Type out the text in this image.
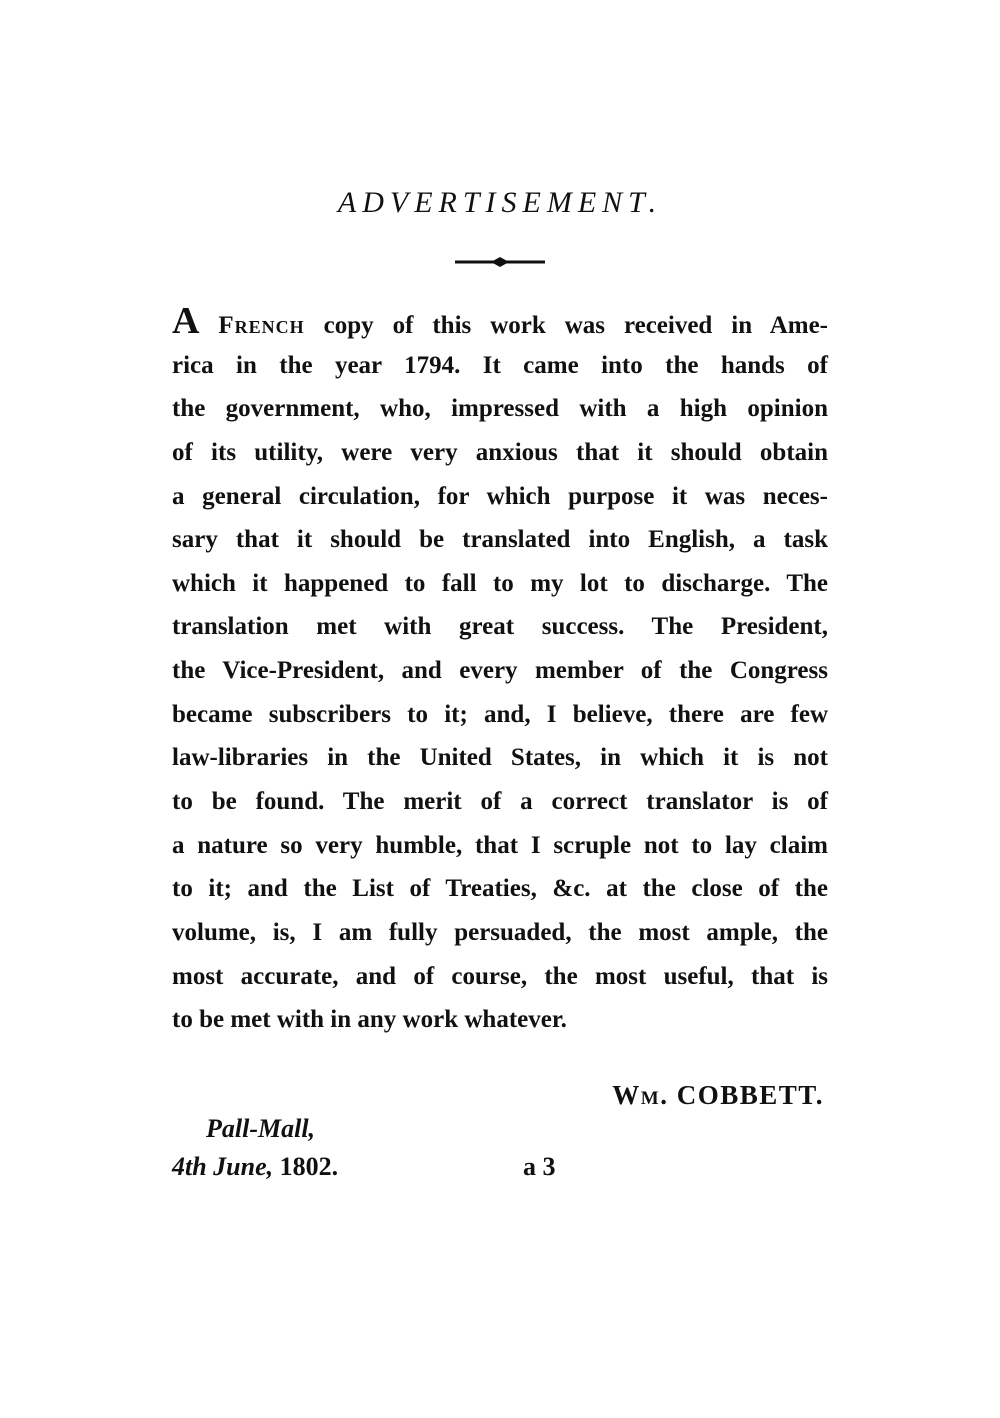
ADVERTISEMENT.
A French copy of this work was received in Ame-
rica in the year 1794. It came into the hands of
the government, who, impressed with a high opinion
of its utility, were very anxious that it should obtain
a general circulation, for which purpose it was neces-
sary that it should be translated into English, a task
which it happened to fall to my lot to discharge. The
translation met with great success. The President,
the Vice-President, and every member of the Congress
became subscribers to it; and, I believe, there are few
law-libraries in the United States, in which it is not
to be found. The merit of a correct translator is of
a nature so very humble, that I scruple not to lay claim
to it; and the List of Treaties, &c. at the close of the
volume, is, I am fully persuaded, the most ample, the
most accurate, and of course, the most useful, that is
to be met with in any work whatever.
Wm. COBBETT.
Pall-Mall,
4th June, 1802.	a 3
